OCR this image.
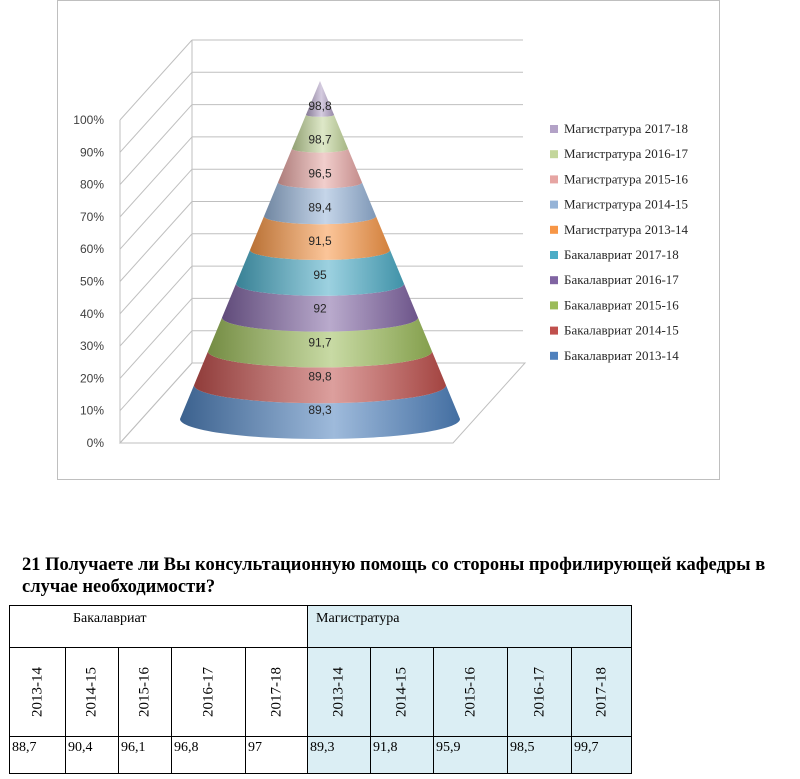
0%
10%
20%
30%
40%
50%
60%
70%
80%
90%
100%
89,3
89,8
91,7
92
95
91,5
89,4
96,5
98,7
98,8
Магистратура 2017-18
Магистратура 2016-17
Магистратура 2015-16
Магистратура 2014-15
Магистратура 2013-14
Бакалавриат 2017-18
Бакалавриат 2016-17
Бакалавриат 2015-16
Бакалавриат 2014-15
Бакалавриат 2013-14

21 Получаете ли Вы консультационную помощь со стороны профилирующей кафедры в случае необходимости?

Бакалавриат					Магистратура				

2013-14	2014-15	2015-16	2016-17	2017-18	2013-14	2014-15	2015-16	2016-17	2017-18

88,7	90,4	96,1	96,8	97	89,3	91,8	95,9	98,5	99,7
